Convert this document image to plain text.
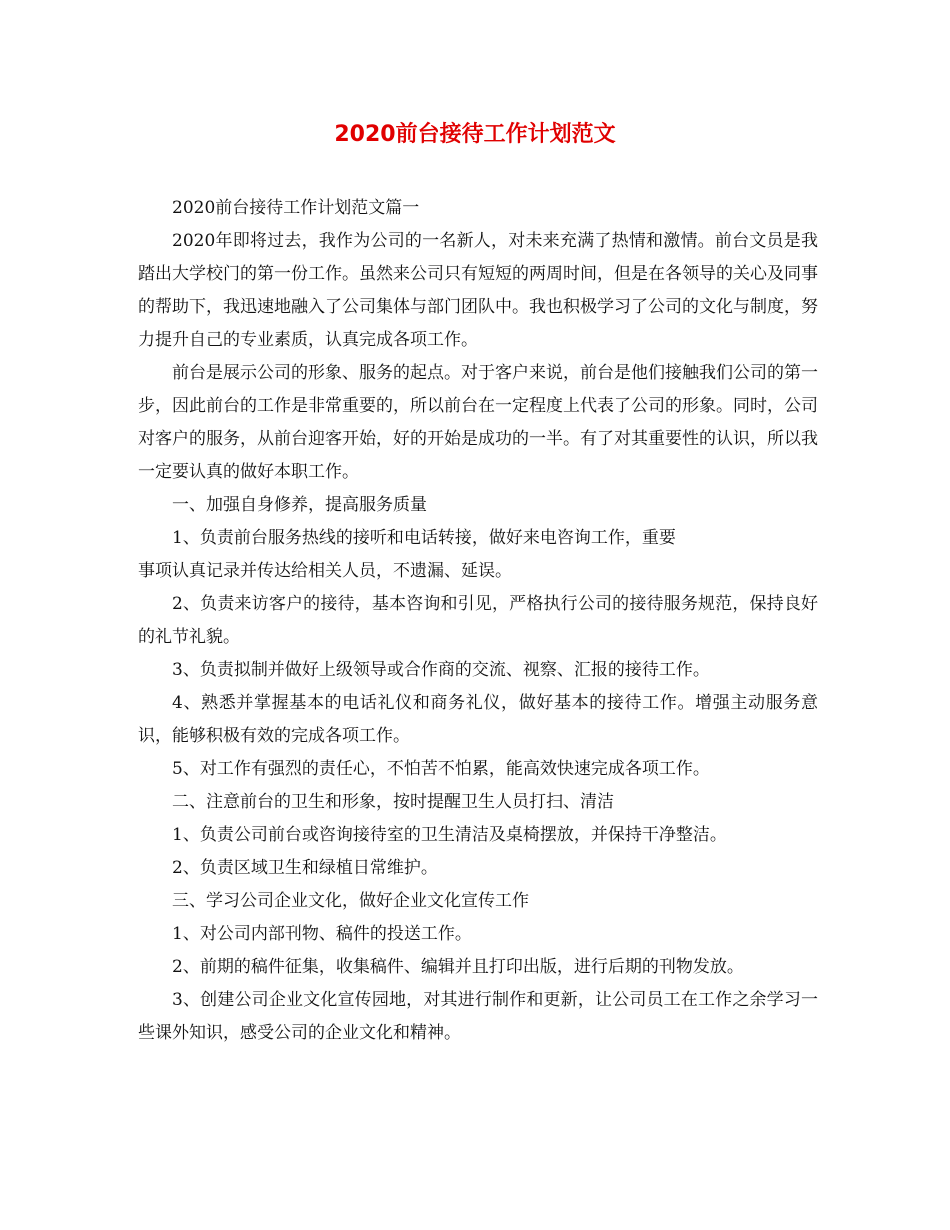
2020前台接待工作计划范文

2020前台接待工作计划范文篇一

2020年即将过去，我作为公司的一名新人，对未来充满了热情和激情。前台文员是我踏出大学校门的第一份工作。虽然来公司只有短短的两周时间，但是在各领导的关心及同事的帮助下，我迅速地融入了公司集体与部门团队中。我也积极学习了公司的文化与制度，努力提升自己的专业素质，认真完成各项工作。

前台是展示公司的形象、服务的起点。对于客户来说，前台是他们接触我们公司的第一步，因此前台的工作是非常重要的，所以前台在一定程度上代表了公司的形象。同时，公司对客户的服务，从前台迎客开始，好的开始是成功的一半。有了对其重要性的认识，所以我一定要认真的做好本职工作。

一、加强自身修养，提高服务质量

1、负责前台服务热线的接听和电话转接，做好来电咨询工作，重要

事项认真记录并传达给相关人员，不遗漏、延误。

2、负责来访客户的接待，基本咨询和引见，严格执行公司的接待服务规范，保持良好的礼节礼貌。

3、负责拟制并做好上级领导或合作商的交流、视察、汇报的接待工作。

4、熟悉并掌握基本的电话礼仪和商务礼仪，做好基本的接待工作。增强主动服务意识，能够积极有效的完成各项工作。

5、对工作有强烈的责任心，不怕苦不怕累，能高效快速完成各项工作。

二、注意前台的卫生和形象，按时提醒卫生人员打扫、清洁

1、负责公司前台或咨询接待室的卫生清洁及桌椅摆放，并保持干净整洁。

2、负责区域卫生和绿植日常维护。

三、学习公司企业文化，做好企业文化宣传工作

1、对公司内部刊物、稿件的投送工作。

2、前期的稿件征集，收集稿件、编辑并且打印出版，进行后期的刊物发放。

3、创建公司企业文化宣传园地，对其进行制作和更新，让公司员工在工作之余学习一些课外知识，感受公司的企业文化和精神。
